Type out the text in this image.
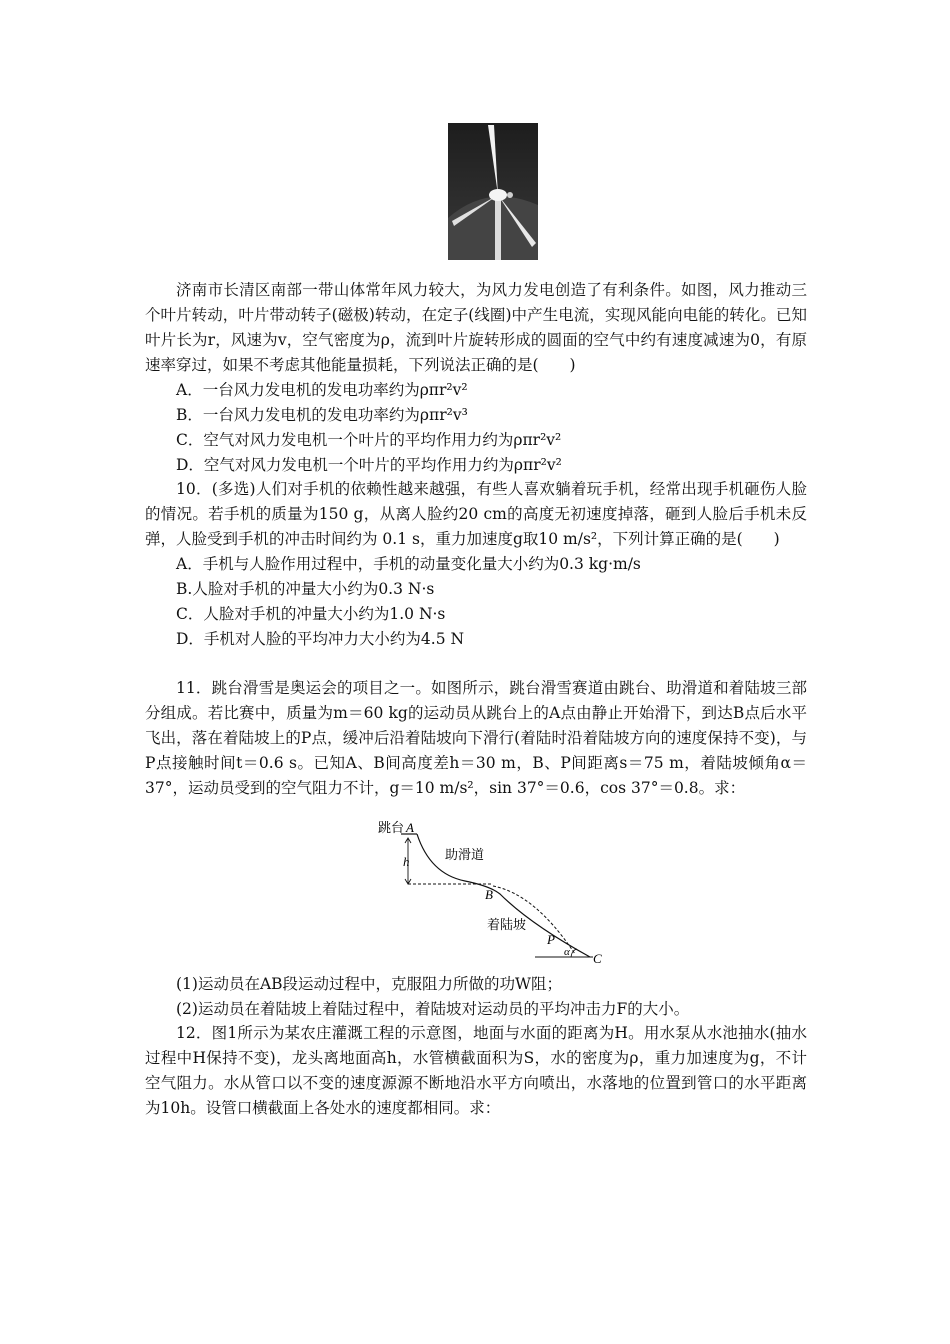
济南市长清区南部一带山体常年风力较大，为风力发电创造了有利条件。如图，风力推动三个叶片转动，叶片带动转子(磁极)转动，在定子(线圈)中产生电流，实现风能向电能的转化。已知叶片长为r，风速为v，空气密度为ρ，流到叶片旋转形成的圆面的空气中约有速度减速为0，有原速率穿过，如果不考虑其他能量损耗，下列说法正确的是(　　)

A．一台风力发电机的发电功率约为ρπr²v²

B．一台风力发电机的发电功率约为ρπr²v³

C．空气对风力发电机一个叶片的平均作用力约为ρπr²v²

D．空气对风力发电机一个叶片的平均作用力约为ρπr²v²

10．(多选)人们对手机的依赖性越来越强，有些人喜欢躺着玩手机，经常出现手机砸伤人脸的情况。若手机的质量为150 g，从离人脸约20 cm的高度无初速度掉落，砸到人脸后手机未反弹，人脸受到手机的冲击时间约为 0.1 s，重力加速度g取10 m/s²，下列计算正确的是(　　)

A．手机与人脸作用过程中，手机的动量变化量大小约为0.3 kg·m/s

B.人脸对手机的冲量大小约为0.3 N·s

C．人脸对手机的冲量大小约为1.0 N·s

D．手机对人脸的平均冲力大小约为4.5 N

11．跳台滑雪是奥运会的项目之一。如图所示，跳台滑雪赛道由跳台、助滑道和着陆坡三部分组成。若比赛中，质量为m＝60 kg的运动员从跳台上的A点由静止开始滑下，到达B点后水平飞出，落在着陆坡上的P点，缓冲后沿着陆坡向下滑行(着陆时沿着陆坡方向的速度保持不变)，与P点接触时间t＝0.6 s。已知A、B间高度差h＝30 m，B、P间距离s＝75 m，着陆坡倾角α＝37°，运动员受到的空气阻力不计，g＝10 m/s²，sin 37°＝0.6，cos 37°＝0.8。求：

跳台 A
h	助滑道
B
着陆坡
P
α C

(1)运动员在AB段运动过程中，克服阻力所做的功W阻；

(2)运动员在着陆坡上着陆过程中，着陆坡对运动员的平均冲击力F的大小。

12．图1所示为某农庄灌溉工程的示意图，地面与水面的距离为H。用水泵从水池抽水(抽水过程中H保持不变)，龙头离地面高h，水管横截面积为S，水的密度为ρ，重力加速度为g，不计空气阻力。水从管口以不变的速度源源不断地沿水平方向喷出，水落地的位置到管口的水平距离为10h。设管口横截面上各处水的速度都相同。求：
